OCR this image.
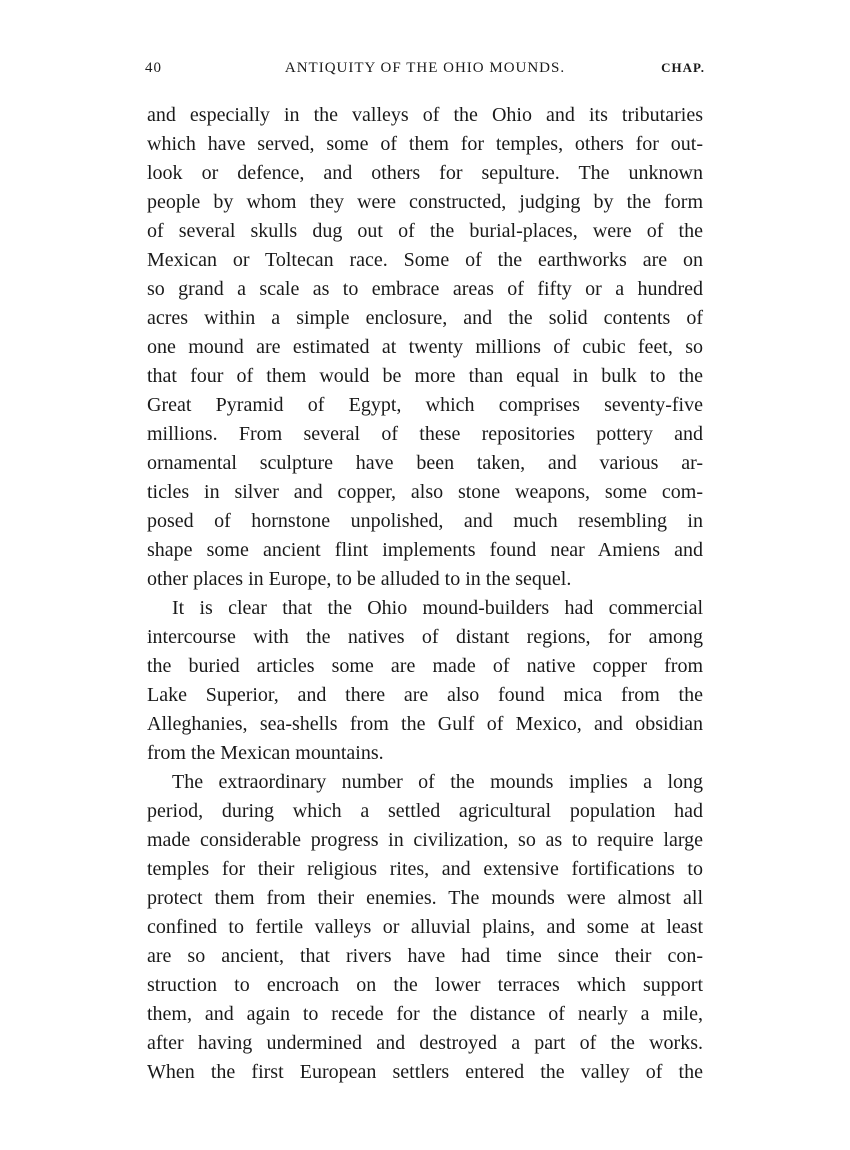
40	ANTIQUITY OF THE OHIO MOUNDS.	CHAP.
and especially in the valleys of the Ohio and its tributaries
which have served, some of them for temples, others for out-
look or defence, and others for sepulture. The unknown
people by whom they were constructed, judging by the form
of several skulls dug out of the burial-places, were of the
Mexican or Toltecan race. Some of the earthworks are on
so grand a scale as to embrace areas of fifty or a hundred
acres within a simple enclosure, and the solid contents of
one mound are estimated at twenty millions of cubic feet, so
that four of them would be more than equal in bulk to the
Great Pyramid of Egypt, which comprises seventy-five
millions. From several of these repositories pottery and
ornamental sculpture have been taken, and various ar-
ticles in silver and copper, also stone weapons, some com-
posed of hornstone unpolished, and much resembling in
shape some ancient flint implements found near Amiens and
other places in Europe, to be alluded to in the sequel.
It is clear that the Ohio mound-builders had commercial
intercourse with the natives of distant regions, for among
the buried articles some are made of native copper from
Lake Superior, and there are also found mica from the
Alleghanies, sea-shells from the Gulf of Mexico, and obsidian
from the Mexican mountains.
The extraordinary number of the mounds implies a long
period, during which a settled agricultural population had
made considerable progress in civilization, so as to require large
temples for their religious rites, and extensive fortifications to
protect them from their enemies. The mounds were almost all
confined to fertile valleys or alluvial plains, and some at least
are so ancient, that rivers have had time since their con-
struction to encroach on the lower terraces which support
them, and again to recede for the distance of nearly a mile,
after having undermined and destroyed a part of the works.
When the first European settlers entered the valley of the
